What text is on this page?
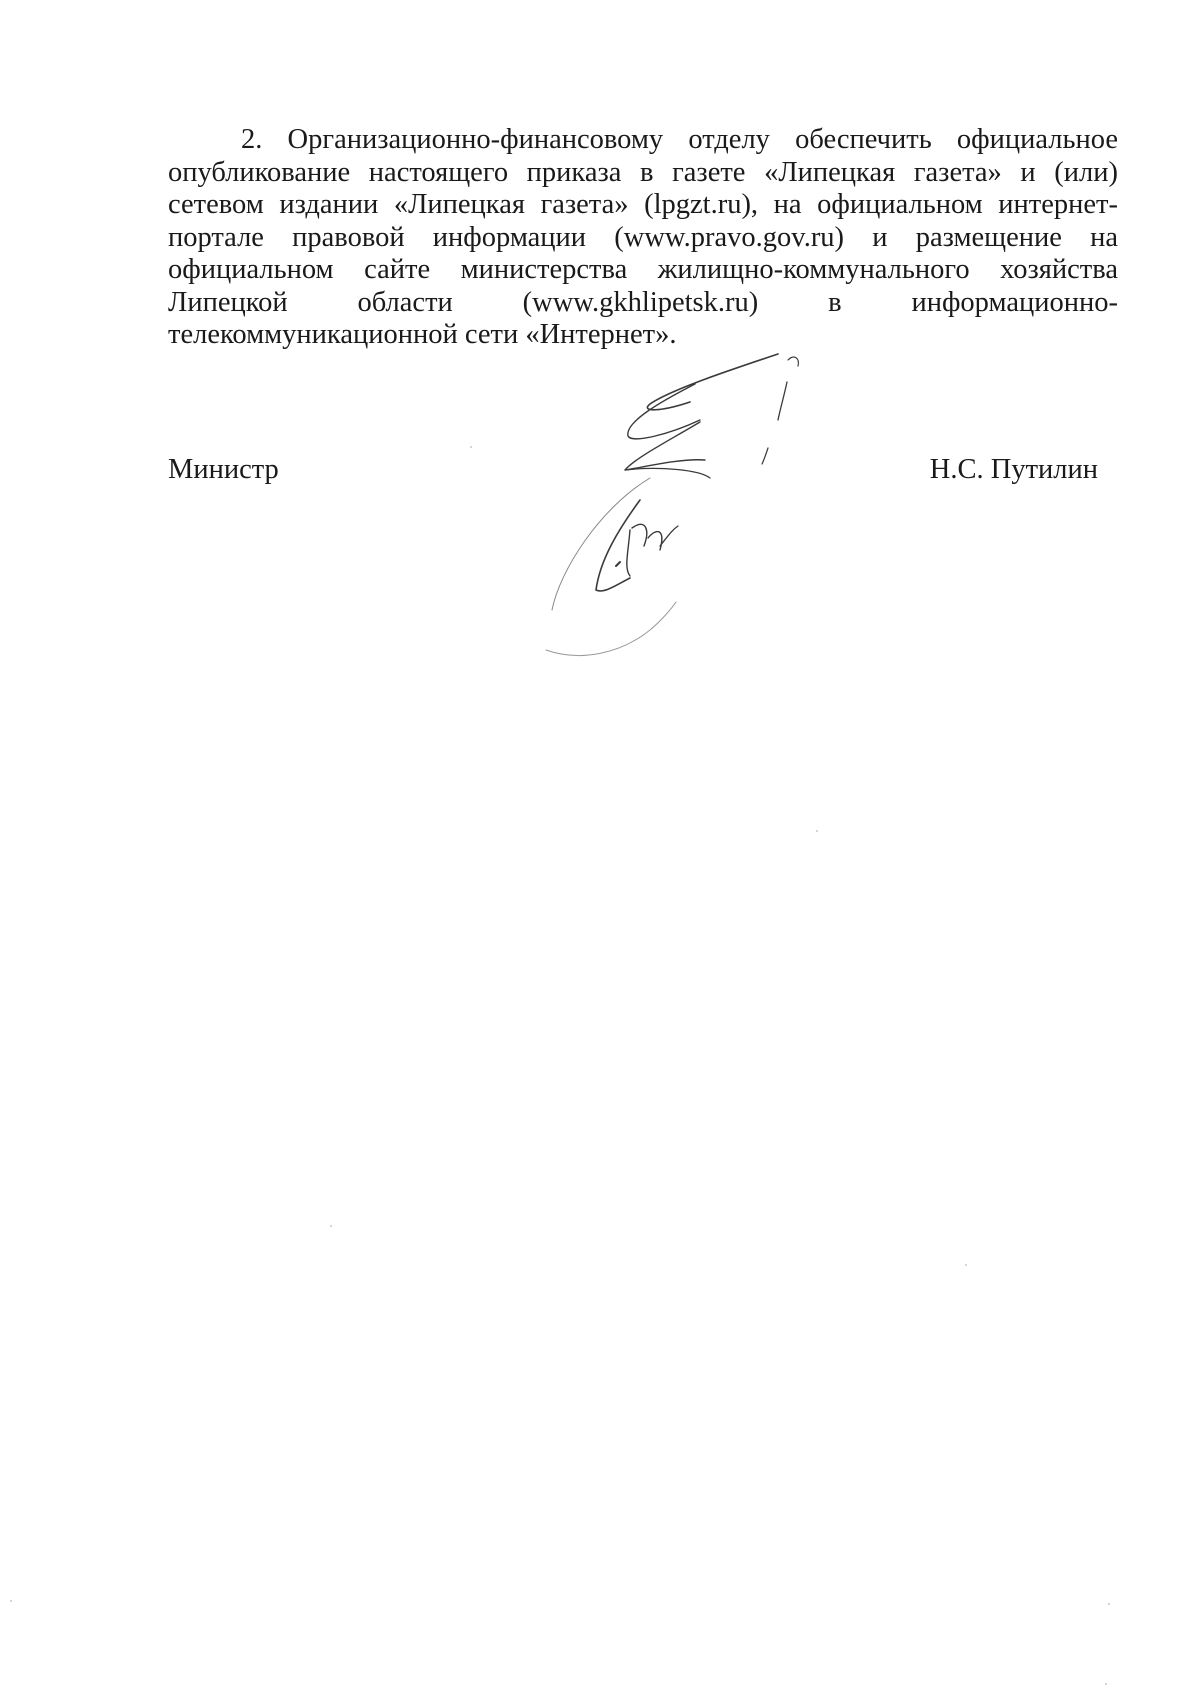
2. Организационно-финансовому отделу обеспечить официальное опубликование настоящего приказа в газете «Липецкая газета» и (или) сетевом издании «Липецкая газета» (lpgzt.ru), на официальном интернет-портале правовой информации (www.pravo.gov.ru) и размещение на официальном сайте министерства жилищно-коммунального хозяйства Липецкой области (www.gkhlipetsk.ru) в информационно-телекоммуникационной сети «Интернет».

Министр	Н.С. Путилин
